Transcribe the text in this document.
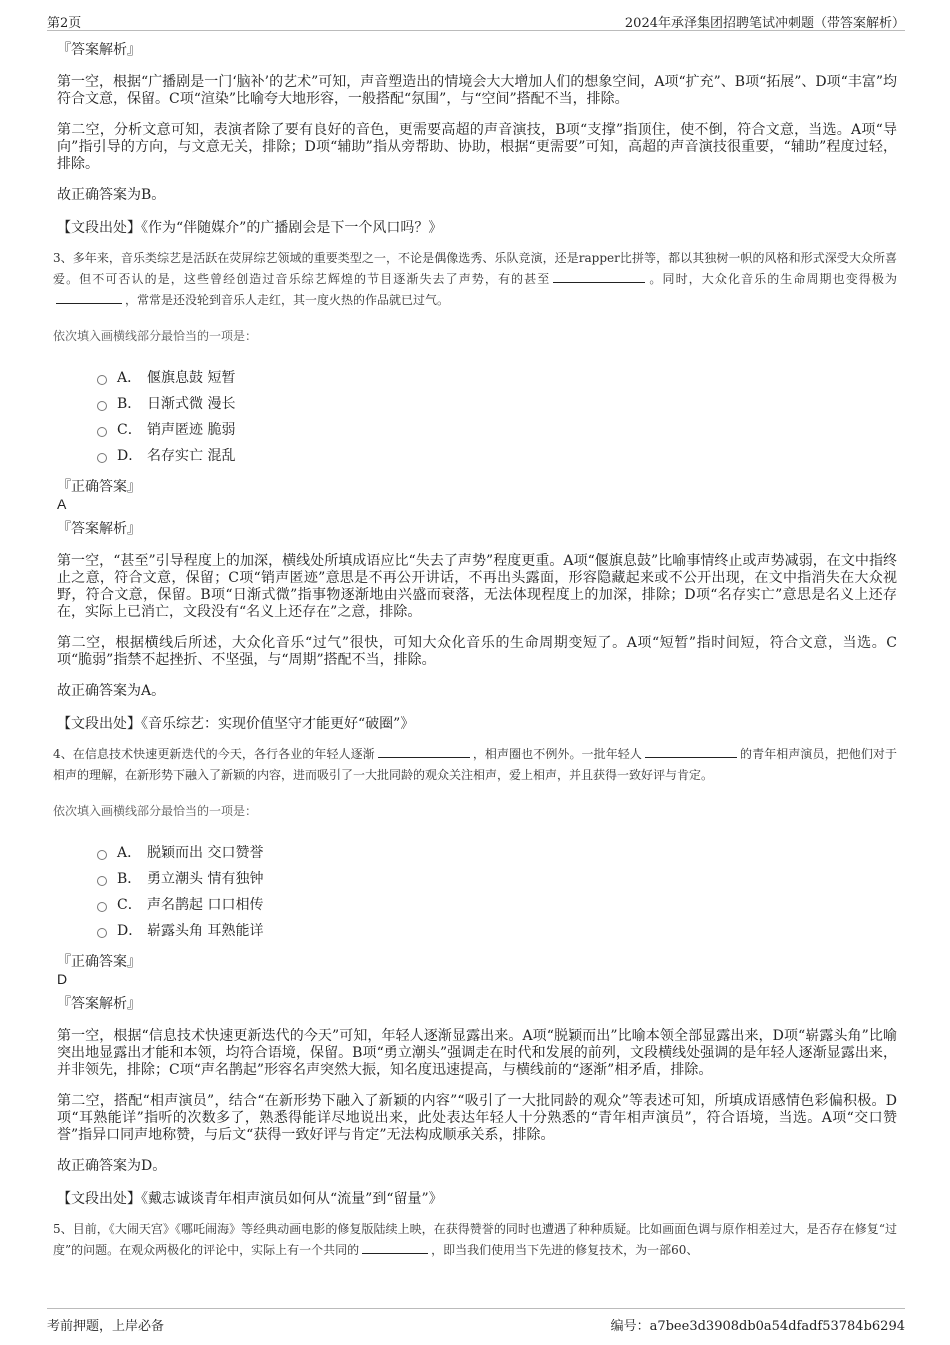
第2页	2024年承泽集团招聘笔试冲刺题（带答案解析）

『答案解析』

第一空，根据“广播剧是一门‘脑补’的艺术”可知，声音塑造出的情境会大大增加人们的想象空间，A项“扩充”、B项“拓展”、D项“丰富”均符合文意，保留。C项“渲染”比喻夸大地形容，一般搭配“氛围”，与“空间”搭配不当，排除。

第二空，分析文意可知，表演者除了要有良好的音色，更需要高超的声音演技，B项“支撑”指顶住，使不倒，符合文意，当选。A项“导向”指引导的方向，与文意无关，排除；D项“辅助”指从旁帮助、协助，根据“更需要”可知，高超的声音演技很重要，“辅助”程度过轻，排除。

故正确答案为B。

【文段出处】《作为“伴随媒介”的广播剧会是下一个风口吗？》

3、多年来，音乐类综艺是活跃在荧屏综艺领域的重要类型之一，不论是偶像选秀、乐队竞演，还是rapper比拼等，都以其独树一帜的风格和形式深受大众所喜爱。但不可否认的是，这些曾经创造过音乐综艺辉煌的节目逐渐失去了声势，有的甚至	。同时，大众化音乐的生命周期也变得极为，常常是还没轮到音乐人走红，其一度火热的作品就已过气。

依次填入画横线部分最恰当的一项是：

A． 偃旗息鼓 短暂
B． 日渐式微 漫长
C． 销声匿迹 脆弱
D． 名存实亡 混乱

『正确答案』

A

『答案解析』

第一空，“甚至”引导程度上的加深，横线处所填成语应比“失去了声势”程度更重。A项“偃旗息鼓”比喻事情终止或声势减弱，在文中指终止之意，符合文意，保留；C项“销声匿迹”意思是不再公开讲话，不再出头露面，形容隐藏起来或不公开出现，在文中指消失在大众视野，符合文意，保留。B项“日渐式微”指事物逐渐地由兴盛而衰落，无法体现程度上的加深，排除；D项“名存实亡”意思是名义上还存在，实际上已消亡，文段没有“名义上还存在”之意，排除。

第二空，根据横线后所述，大众化音乐“过气”很快，可知大众化音乐的生命周期变短了。A项“短暂”指时间短，符合文意，当选。C项“脆弱”指禁不起挫折、不坚强，与“周期”搭配不当，排除。

故正确答案为A。

【文段出处】《音乐综艺：实现价值坚守才能更好“破圈”》

4、在信息技术快速更新迭代的今天，各行各业的年轻人逐渐	，相声圈也不例外。一批年轻人	的青年相声演员，把他们对于相声的理解，在新形势下融入了新颖的内容，进而吸引了一大批同龄的观众关注相声，爱上相声，并且获得一致好评与肯定。

依次填入画横线部分最恰当的一项是：

A． 脱颖而出 交口赞誉
B． 勇立潮头 情有独钟
C． 声名鹊起 口口相传
D． 崭露头角 耳熟能详

『正确答案』

D

『答案解析』

第一空，根据“信息技术快速更新迭代的今天”可知，年轻人逐渐显露出来。A项“脱颖而出”比喻本领全部显露出来，D项“崭露头角”比喻突出地显露出才能和本领，均符合语境，保留。B项“勇立潮头”强调走在时代和发展的前列，文段横线处强调的是年轻人逐渐显露出来，并非领先，排除；C项“声名鹊起”形容名声突然大振，知名度迅速提高，与横线前的“逐渐”相矛盾，排除。

第二空，搭配“相声演员”，结合“在新形势下融入了新颖的内容”“吸引了一大批同龄的观众”等表述可知，所填成语感情色彩偏积极。D项“耳熟能详”指听的次数多了，熟悉得能详尽地说出来，此处表达年轻人十分熟悉的“青年相声演员”，符合语境，当选。A项“交口赞誉”指异口同声地称赞，与后文“获得一致好评与肯定”无法构成顺承关系，排除。

故正确答案为D。

【文段出处】《戴志诚谈青年相声演员如何从“流量”到“留量”》

5、目前，《大闹天宫》《哪吒闹海》等经典动画电影的修复版陆续上映，在获得赞誉的同时也遭遇了种种质疑。比如画面色调与原作相差过大，是否存在修复“过度”的问题。在观众两极化的评论中，实际上有一个共同的	，即当我们使用当下先进的修复技术，为一部60、

考前押题，上岸必备	编号：a7bee3d3908db0a54dfadf53784b6294
